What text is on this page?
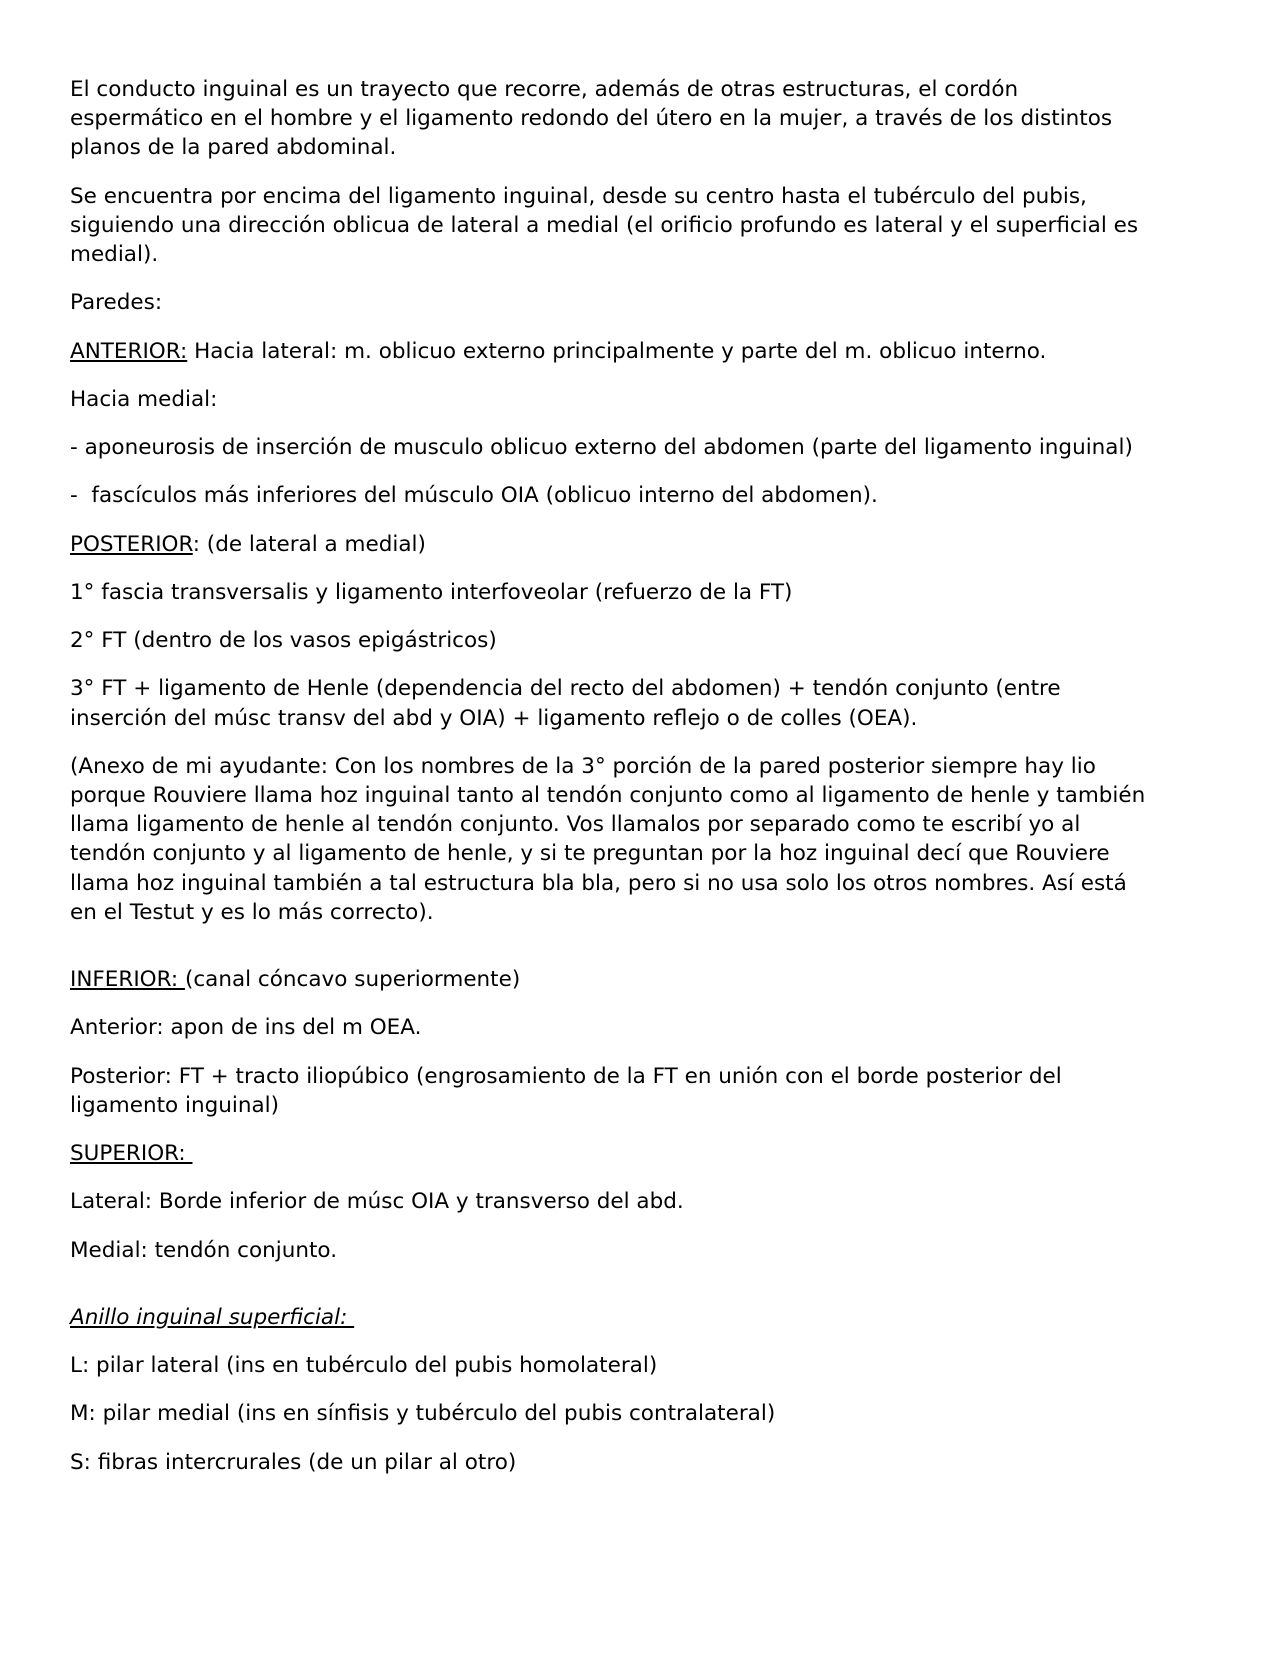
El conducto inguinal es un trayecto que recorre, además de otras estructuras, el cordón espermático en el hombre y el ligamento redondo del útero en la mujer, a través de los distintos planos de la pared abdominal.

Se encuentra por encima del ligamento inguinal, desde su centro hasta el tubérculo del pubis, siguiendo una dirección oblicua de lateral a medial (el orificio profundo es lateral y el superficial es medial).

Paredes:

ANTERIOR: Hacia lateral: m. oblicuo externo principalmente y parte del m. oblicuo interno.

Hacia medial:

- aponeurosis de inserción de musculo oblicuo externo del abdomen (parte del ligamento inguinal)

-  fascículos más inferiores del músculo OIA (oblicuo interno del abdomen).

POSTERIOR: (de lateral a medial)

1° fascia transversalis y ligamento interfoveolar (refuerzo de la FT)

2° FT (dentro de los vasos epigástricos)

3° FT + ligamento de Henle (dependencia del recto del abdomen) + tendón conjunto (entre inserción del músc transv del abd y OIA) + ligamento reflejo o de colles (OEA).

(Anexo de mi ayudante: Con los nombres de la 3° porción de la pared posterior siempre hay lio porque Rouviere llama hoz inguinal tanto al tendón conjunto como al ligamento de henle y también llama ligamento de henle al tendón conjunto. Vos llamalos por separado como te escribí yo al tendón conjunto y al ligamento de henle, y si te preguntan por la hoz inguinal decí que Rouviere llama hoz inguinal también a tal estructura bla bla, pero si no usa solo los otros nombres. Así está en el Testut y es lo más correcto).

INFERIOR: (canal cóncavo superiormente)

Anterior: apon de ins del m OEA.

Posterior: FT + tracto iliopúbico (engrosamiento de la FT en unión con el borde posterior del ligamento inguinal)

SUPERIOR:

Lateral: Borde inferior de músc OIA y transverso del abd.

Medial: tendón conjunto.

Anillo inguinal superficial:

L: pilar lateral (ins en tubérculo del pubis homolateral)

M: pilar medial (ins en sínfisis y tubérculo del pubis contralateral)

S: fibras intercrurales (de un pilar al otro)
